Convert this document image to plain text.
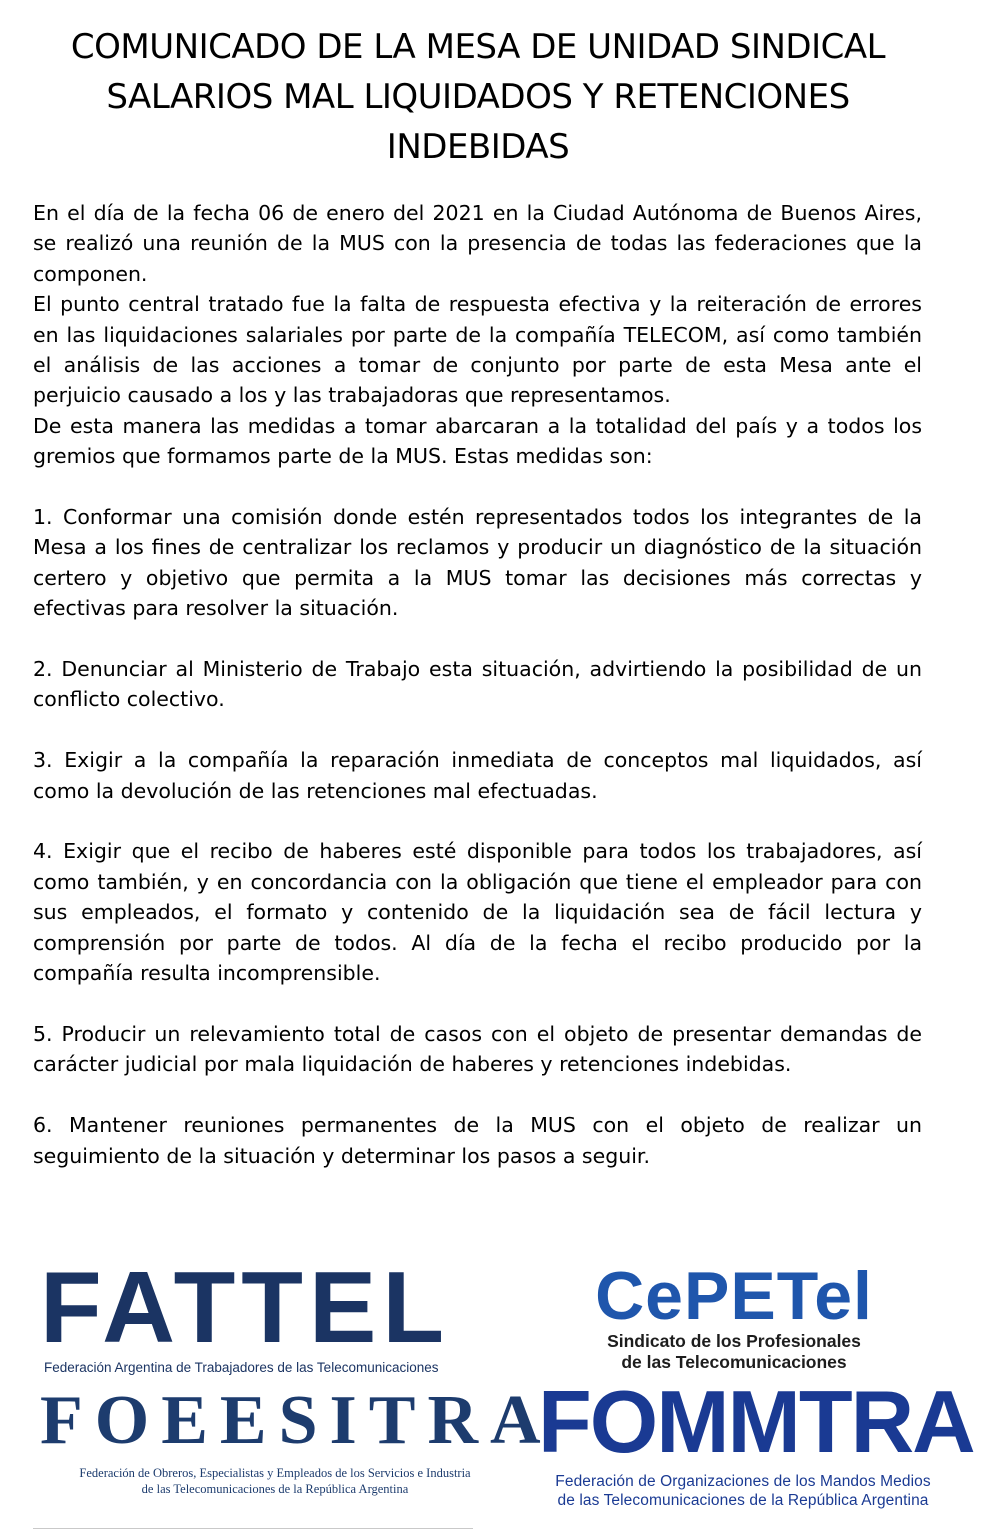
COMUNICADO DE LA MESA DE UNIDAD SINDICAL
SALARIOS MAL LIQUIDADOS Y RETENCIONES
INDEBIDAS

En el día de la fecha 06 de enero del 2021 en la Ciudad Autónoma de Buenos Aires, se realizó una reunión de la MUS con la presencia de todas las federaciones que la componen.

El punto central tratado fue la falta de respuesta efectiva y la reiteración de errores en las liquidaciones salariales por parte de la compañía TELECOM, así como también el análisis de las acciones a tomar de conjunto por parte de esta Mesa ante el perjuicio causado a los y las trabajadoras que representamos.

De esta manera las medidas a tomar abarcaran a la totalidad del país y a todos los gremios que formamos parte de la MUS. Estas medidas son:

1. Conformar una comisión donde estén representados todos los integrantes de la Mesa a los fines de centralizar los reclamos y producir un diagnóstico de la situación certero y objetivo que permita a la MUS tomar las decisiones más correctas y efectivas para resolver la situación.

2. Denunciar al Ministerio de Trabajo esta situación, advirtiendo la posibilidad de un conflicto colectivo.

3. Exigir a la compañía la reparación inmediata de conceptos mal liquidados, así como la devolución de las retenciones mal efectuadas.

4. Exigir que el recibo de haberes esté disponible para todos los trabajadores, así como también, y en concordancia con la obligación que tiene el empleador para con sus empleados, el formato y contenido de la liquidación sea de fácil lectura y comprensión por parte de todos. Al día de la fecha el recibo producido por la compañía resulta incomprensible.

5. Producir un relevamiento total de casos con el objeto de presentar demandas de carácter judicial por mala liquidación de haberes y retenciones indebidas.

6. Mantener reuniones permanentes de la MUS con el objeto de realizar un seguimiento de la situación y determinar los pasos a seguir.

FATTEL
Federación Argentina de Trabajadores de las Telecomunicaciones
FOEESITRA
Federación de Obreros, Especialistas y Empleados de los Servicios e Industria
de las Telecomunicaciones de la República Argentina
CePETel
Sindicato de los Profesionales
de las Telecomunicaciones
FOMMTRA
Federación de Organizaciones de los Mandos Medios
de las Telecomunicaciones de la República Argentina
